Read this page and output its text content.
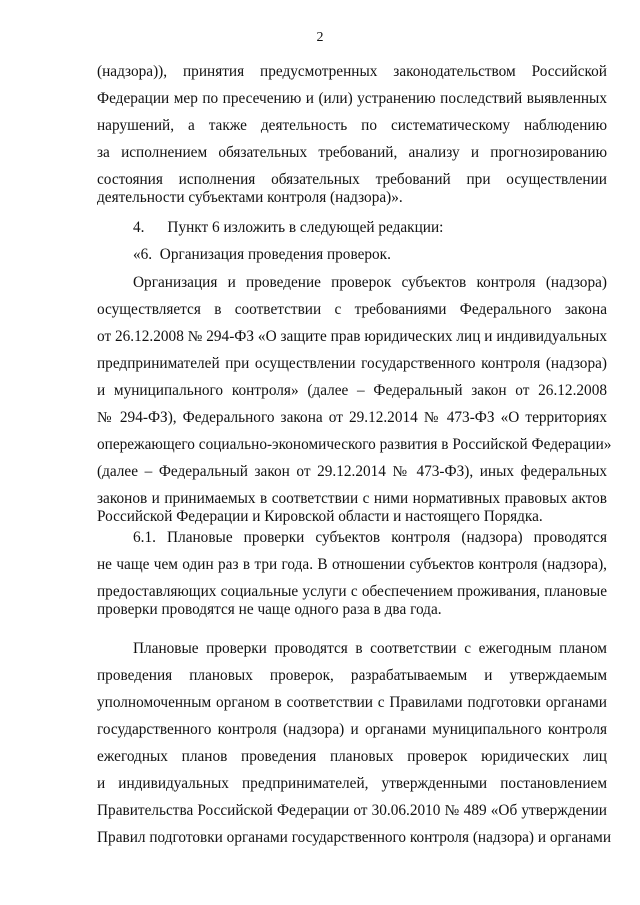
2
(надзора)), принятия предусмотренных законодательством Российской
Федерации мер по пресечению и (или) устранению последствий выявленных
нарушений, а также деятельность по систематическому наблюдению
за исполнением обязательных требований, анализу и прогнозированию
состояния исполнения обязательных требований при осуществлении
деятельности субъектами контроля (надзора)».
4.      Пункт 6 изложить в следующей редакции:
«6.  Организация проведения проверок.
Организация и проведение проверок субъектов контроля (надзора)
осуществляется в соответствии с требованиями Федерального закона
от 26.12.2008 № 294-ФЗ «О защите прав юридических лиц и индивидуальных
предпринимателей при осуществлении государственного контроля (надзора)
и муниципального контроля» (далее – Федеральный закон от 26.12.2008
№ 294-ФЗ), Федерального закона от 29.12.2014 № 473-ФЗ «О территориях
опережающего социально-экономического развития в Российской Федерации»
(далее – Федеральный закон от 29.12.2014 № 473-ФЗ), иных федеральных
законов и принимаемых в соответствии с ними нормативных правовых актов
Российской Федерации и Кировской области и настоящего Порядка.
6.1. Плановые проверки субъектов контроля (надзора) проводятся
не чаще чем один раз в три года. В отношении субъектов контроля (надзора),
предоставляющих социальные услуги с обеспечением проживания, плановые
проверки проводятся не чаще одного раза в два года.
Плановые проверки проводятся в соответствии с ежегодным планом
проведения плановых проверок, разрабатываемым и утверждаемым
уполномоченным органом в соответствии с Правилами подготовки органами
государственного контроля (надзора) и органами муниципального контроля
ежегодных планов проведения плановых проверок юридических лиц
и индивидуальных предпринимателей, утвержденными постановлением
Правительства Российской Федерации от 30.06.2010 № 489 «Об утверждении
Правил подготовки органами государственного контроля (надзора) и органами
